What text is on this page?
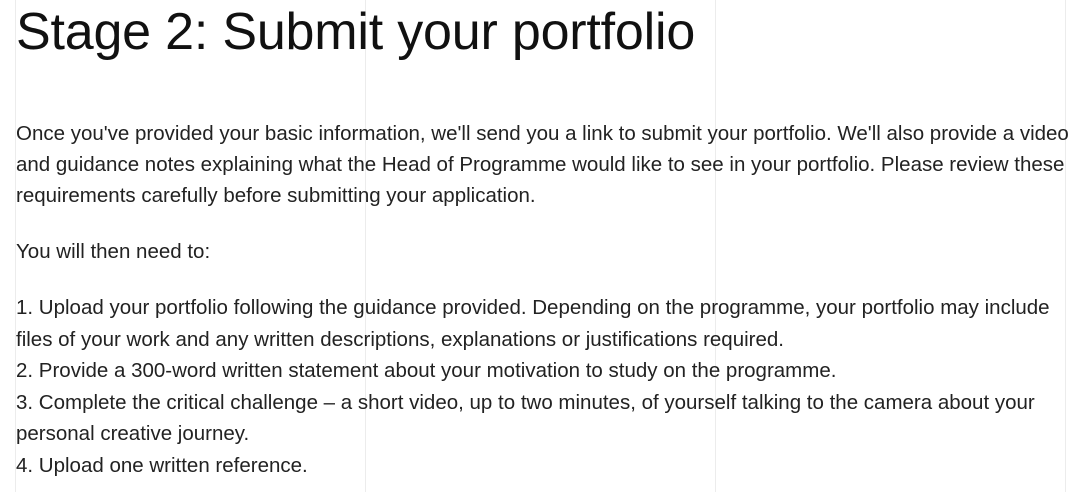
Stage 2: Submit your portfolio

Once you've provided your basic information, we'll send you a link to submit your portfolio. We'll also provide a video and guidance notes explaining what the Head of Programme would like to see in your portfolio. Please review these requirements carefully before submitting your application.

You will then need to:

1. Upload your portfolio following the guidance provided. Depending on the programme, your portfolio may include files of your work and any written descriptions, explanations or justifications required.
2. Provide a 300-word written statement about your motivation to study on the programme.
3. Complete the critical challenge – a short video, up to two minutes, of yourself talking to the camera about your personal creative journey.
4. Upload one written reference.
